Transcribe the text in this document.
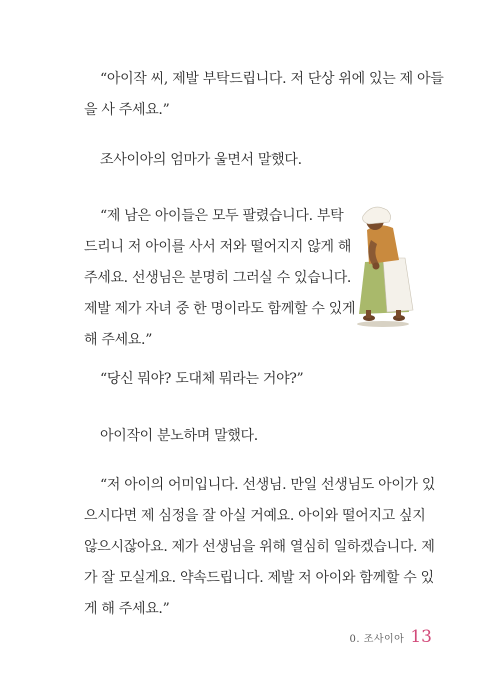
“아이작 씨, 제발 부탁드립니다. 저 단상 위에 있는 제 아들
을 사 주세요.”

조사이아의 엄마가 울면서 말했다.

“제 남은 아이들은 모두 팔렸습니다. 부탁
드리니 저 아이를 사서 저와 떨어지지 않게 해
주세요. 선생님은 분명히 그러실 수 있습니다.
제발 제가 자녀 중 한 명이라도 함께할 수 있게
해 주세요.”

“당신 뭐야? 도대체 뭐라는 거야?”

아이작이 분노하며 말했다.

“저 아이의 어미입니다. 선생님. 만일 선생님도 아이가 있
으시다면 제 심정을 잘 아실 거예요. 아이와 떨어지고 싶지
않으시잖아요. 제가 선생님을 위해 열심히 일하겠습니다. 제
가 잘 모실게요. 약속드립니다. 제발 저 아이와 함께할 수 있
게 해 주세요.”

0. 조사이아 13
